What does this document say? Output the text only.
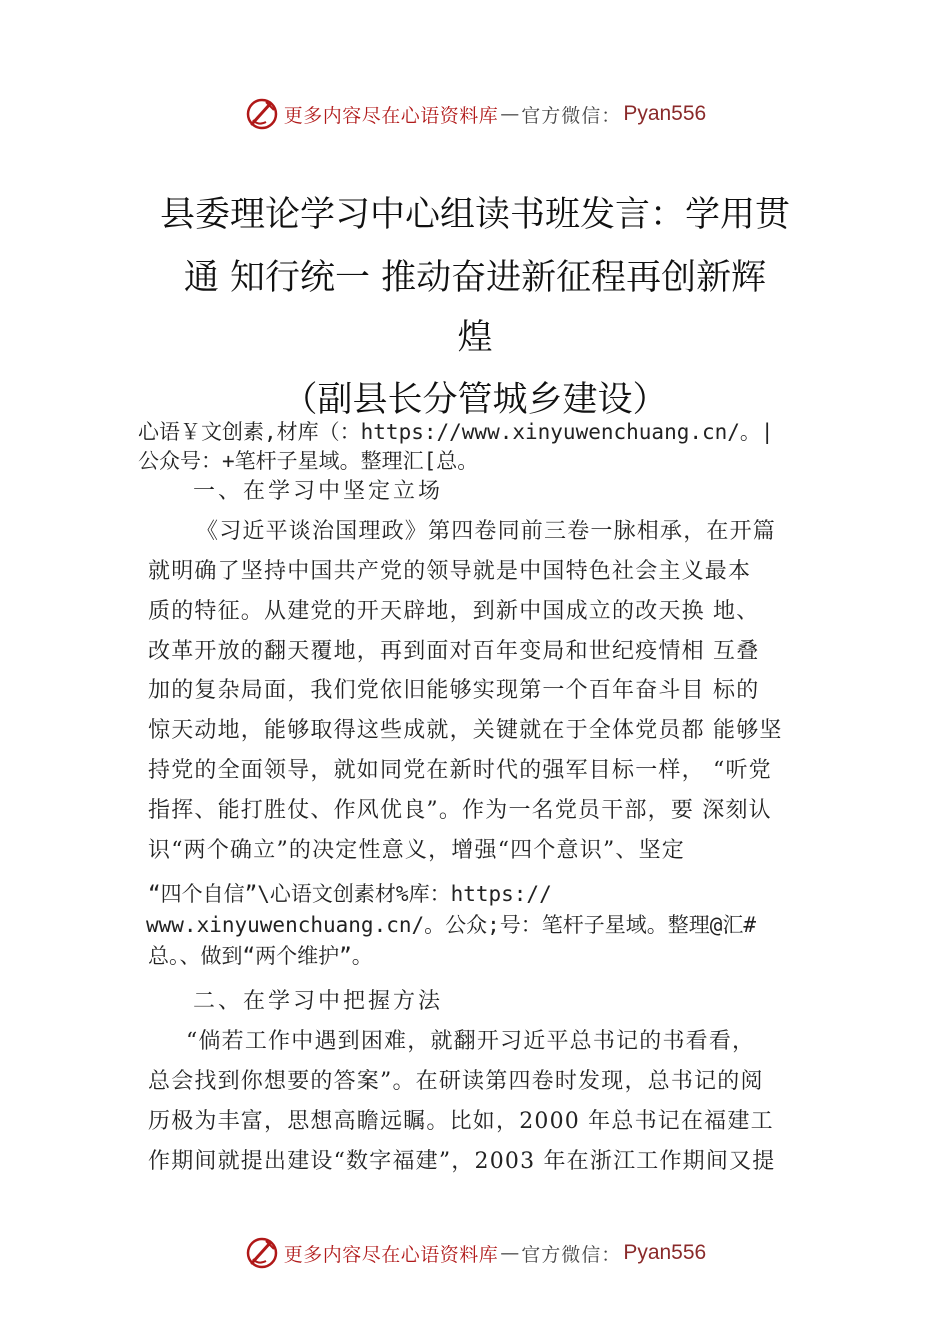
更多内容尽在心语资料库 — 官方微信： Pyan556
县委理论学习中心组读书班发言：学用贯
通 知行统一 推动奋进新征程再创新辉
煌
（副县长分管城乡建设）
心语￥文创素,材库（：https://www.xinyuwenchuang.cn/。|
公众号：+笔杆子星域。整理汇[总。
一、在学习中坚定立场
《习近平谈治国理政》第四卷同前三卷一脉相承，在开篇
就明确了坚持中国共产党的领导就是中国特色社会主义最本
质的特征。从建党的开天辟地，到新中国成立的改天换 地、
改革开放的翻天覆地，再到面对百年变局和世纪疫情相 互叠
加的复杂局面，我们党依旧能够实现第一个百年奋斗目 标的
惊天动地，能够取得这些成就，关键就在于全体党员都 能够坚
持党的全面领导，就如同党在新时代的强军目标一样， “听党
指挥、能打胜仗、作风优良”。作为一名党员干部，要 深刻认
识“两个确立”的决定性意义，增强“四个意识”、坚定
“四个自信”\心语文创素材%库：https://
www.xinyuwenchuang.cn/。公众;号：笔杆子星域。整理@汇#
总。、做到“两个维护”。
二、在学习中把握方法
“倘若工作中遇到困难，就翻开习近平总书记的书看看，
总会找到你想要的答案”。在研读第四卷时发现，总书记的阅
历极为丰富，思想高瞻远瞩。比如，2000 年总书记在福建工
作期间就提出建设“数字福建”，2003 年在浙江工作期间又提
更多内容尽在心语资料库 — 官方微信： Pyan556
